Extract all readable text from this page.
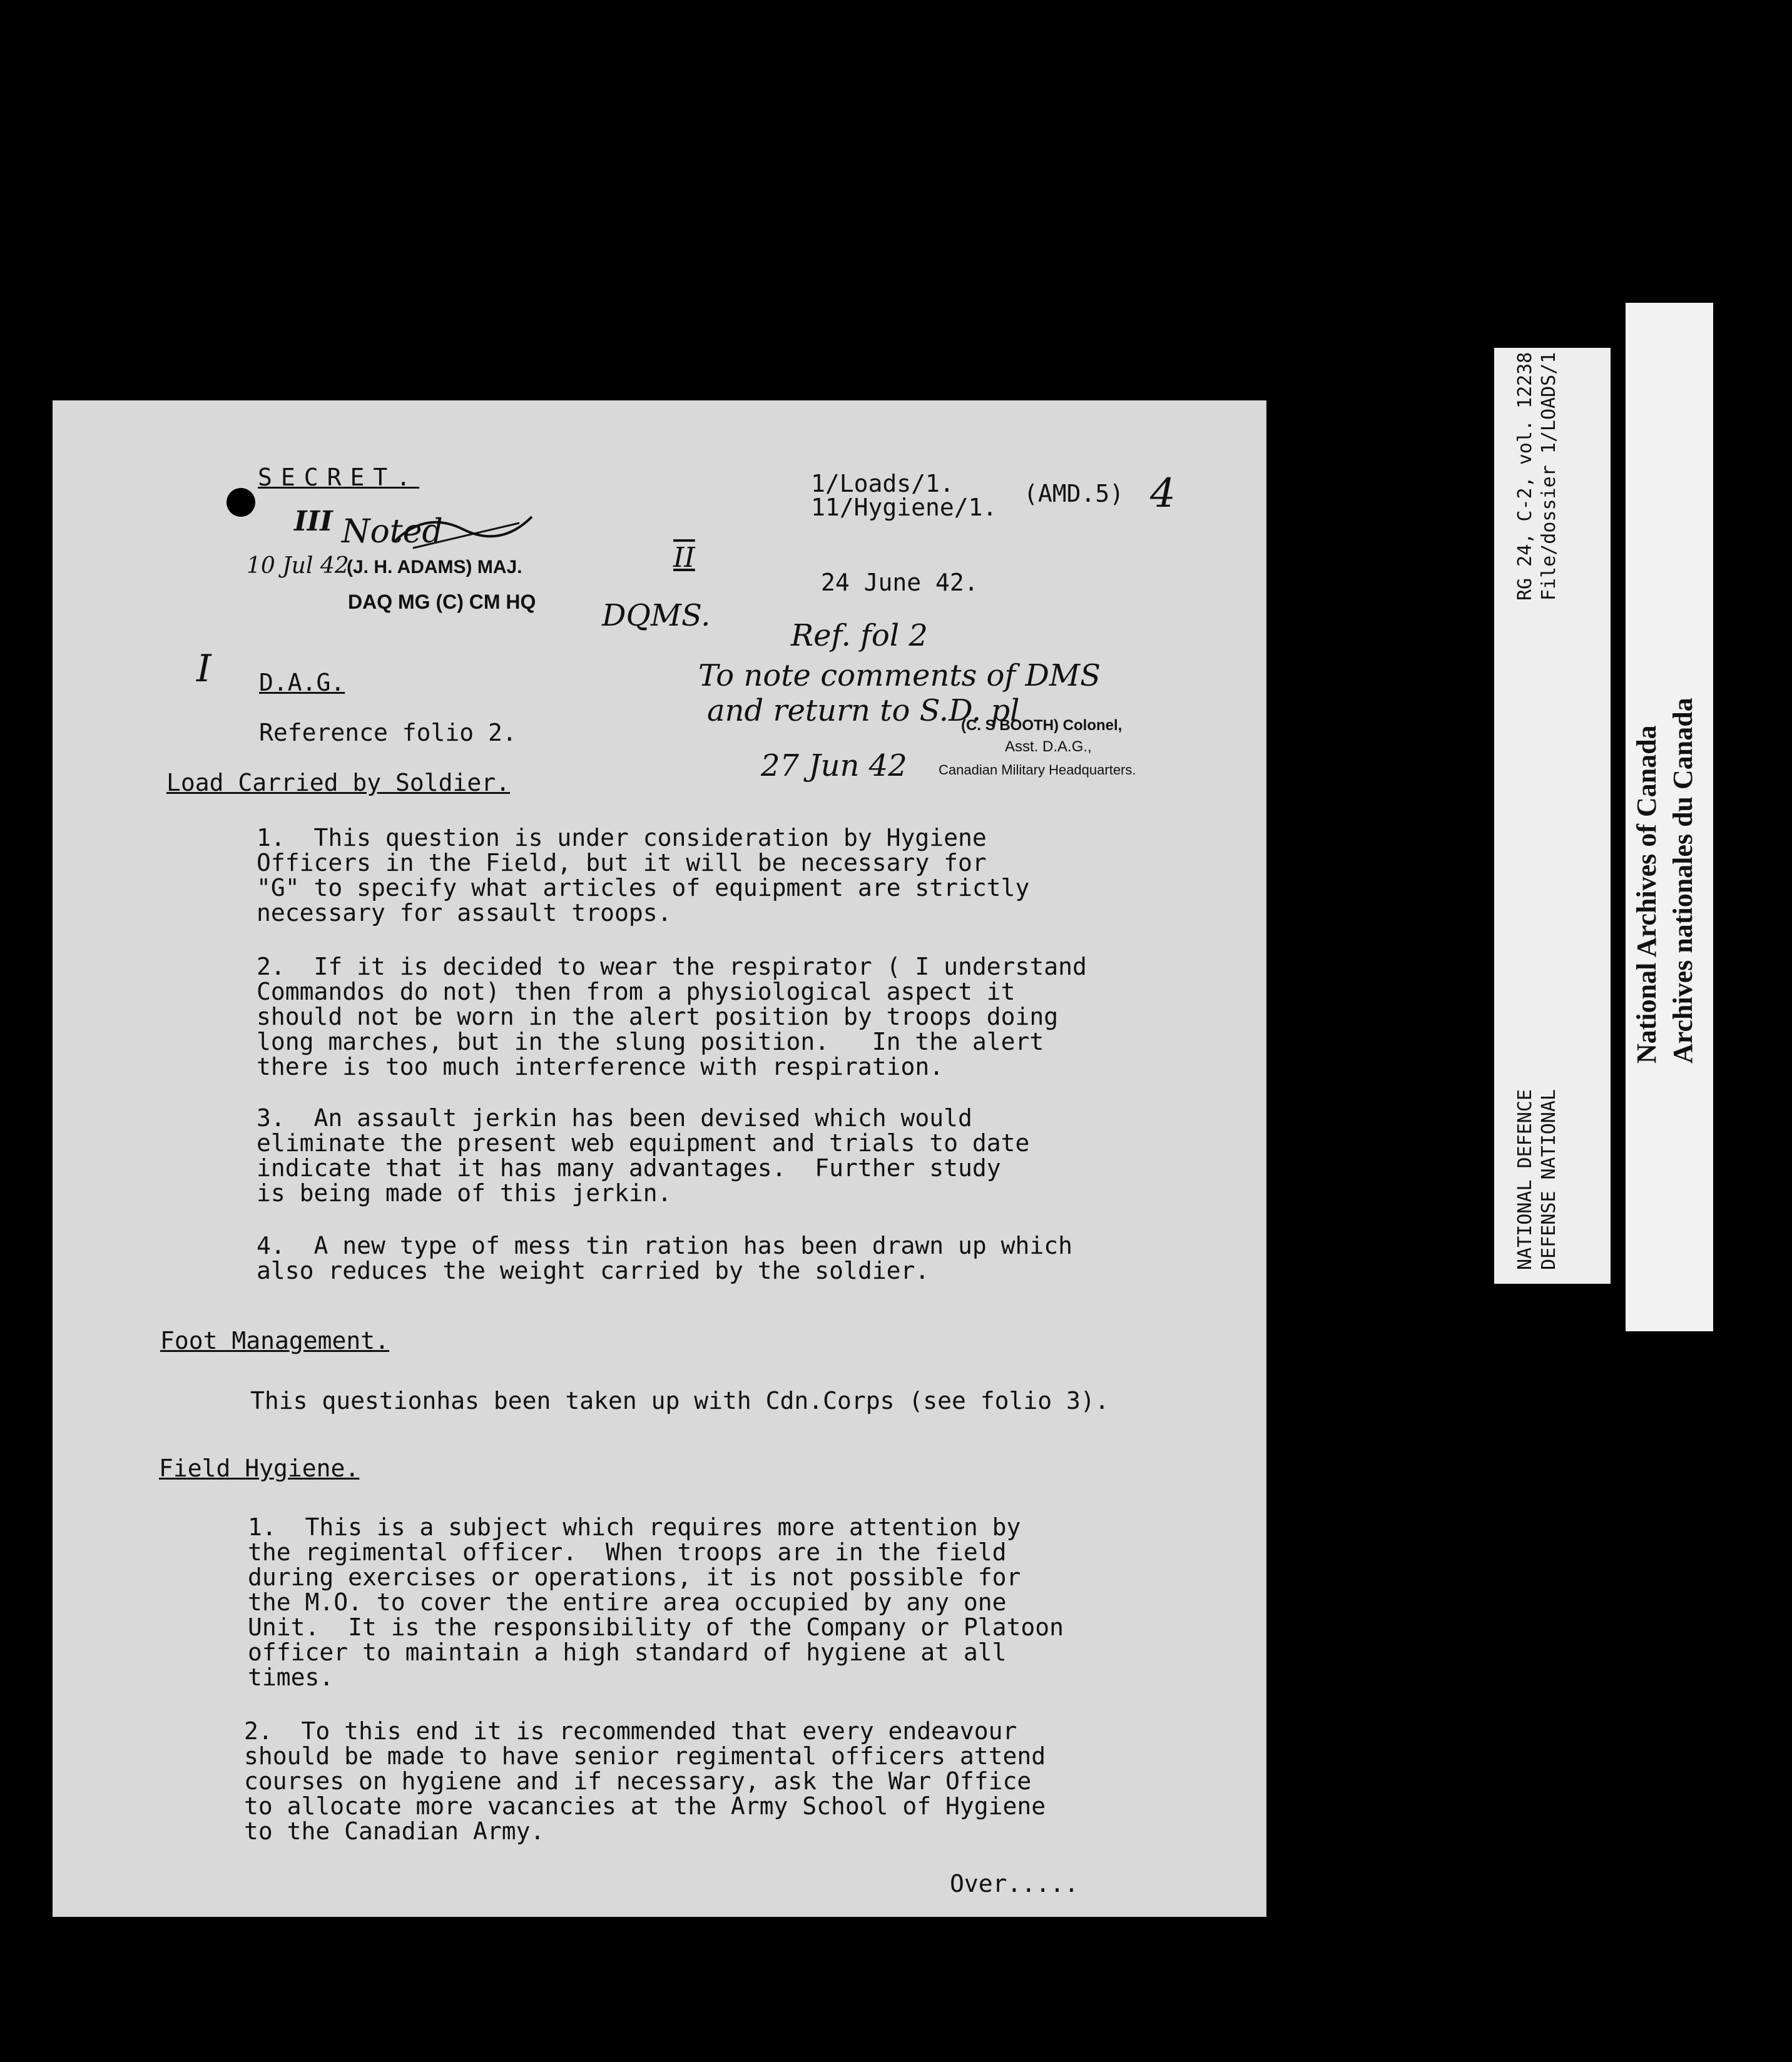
SECRET.	1/Loads/1.
11/Hygiene/1. (AMD.5) 4
24 June 42.
III Noted
10 Jul 42
(J. H. ADAMS) MAJ.
DAQ MG (C) CM HQ
II
DQMS.
Ref. fol 2
To note comments of DMS
and return to S.D. pl
27 Jun 42
(C. S BOOTH) Colonel,
Asst. D.A.G.,
Canadian Military Headquarters.
I D.A.G.
Reference folio 2.
Load Carried by Soldier.
1.  This question is under consideration by Hygiene
Officers in the Field, but it will be necessary for
"G" to specify what articles of equipment are strictly
necessary for assault troops.
2.  If it is decided to wear the respirator ( I understand
Commandos do not) then from a physiological aspect it
should not be worn in the alert position by troops doing
long marches, but in the slung position.   In the alert
there is too much interference with respiration.
3.  An assault jerkin has been devised which would
eliminate the present web equipment and trials to date
indicate that it has many advantages.  Further study
is being made of this jerkin.
4.  A new type of mess tin ration has been drawn up which
also reduces the weight carried by the soldier.
Foot Management.
This questionhas been taken up with Cdn.Corps (see folio 3).
Field Hygiene.
1.  This is a subject which requires more attention by
the regimental officer.  When troops are in the field
during exercises or operations, it is not possible for
the M.O. to cover the entire area occupied by any one
Unit.  It is the responsibility of the Company or Platoon
officer to maintain a high standard of hygiene at all
times.
2.  To this end it is recommended that every endeavour
should be made to have senior regimental officers attend
courses on hygiene and if necessary, ask the War Office
to allocate more vacancies at the Army School of Hygiene
to the Canadian Army.
Over.....
RG 24, C-2, vol. 12238 File/dossier 1/LOADS/1
NATIONAL DEFENCE DEFENSE NATIONAL
National Archives of Canada Archives nationales du Canada
